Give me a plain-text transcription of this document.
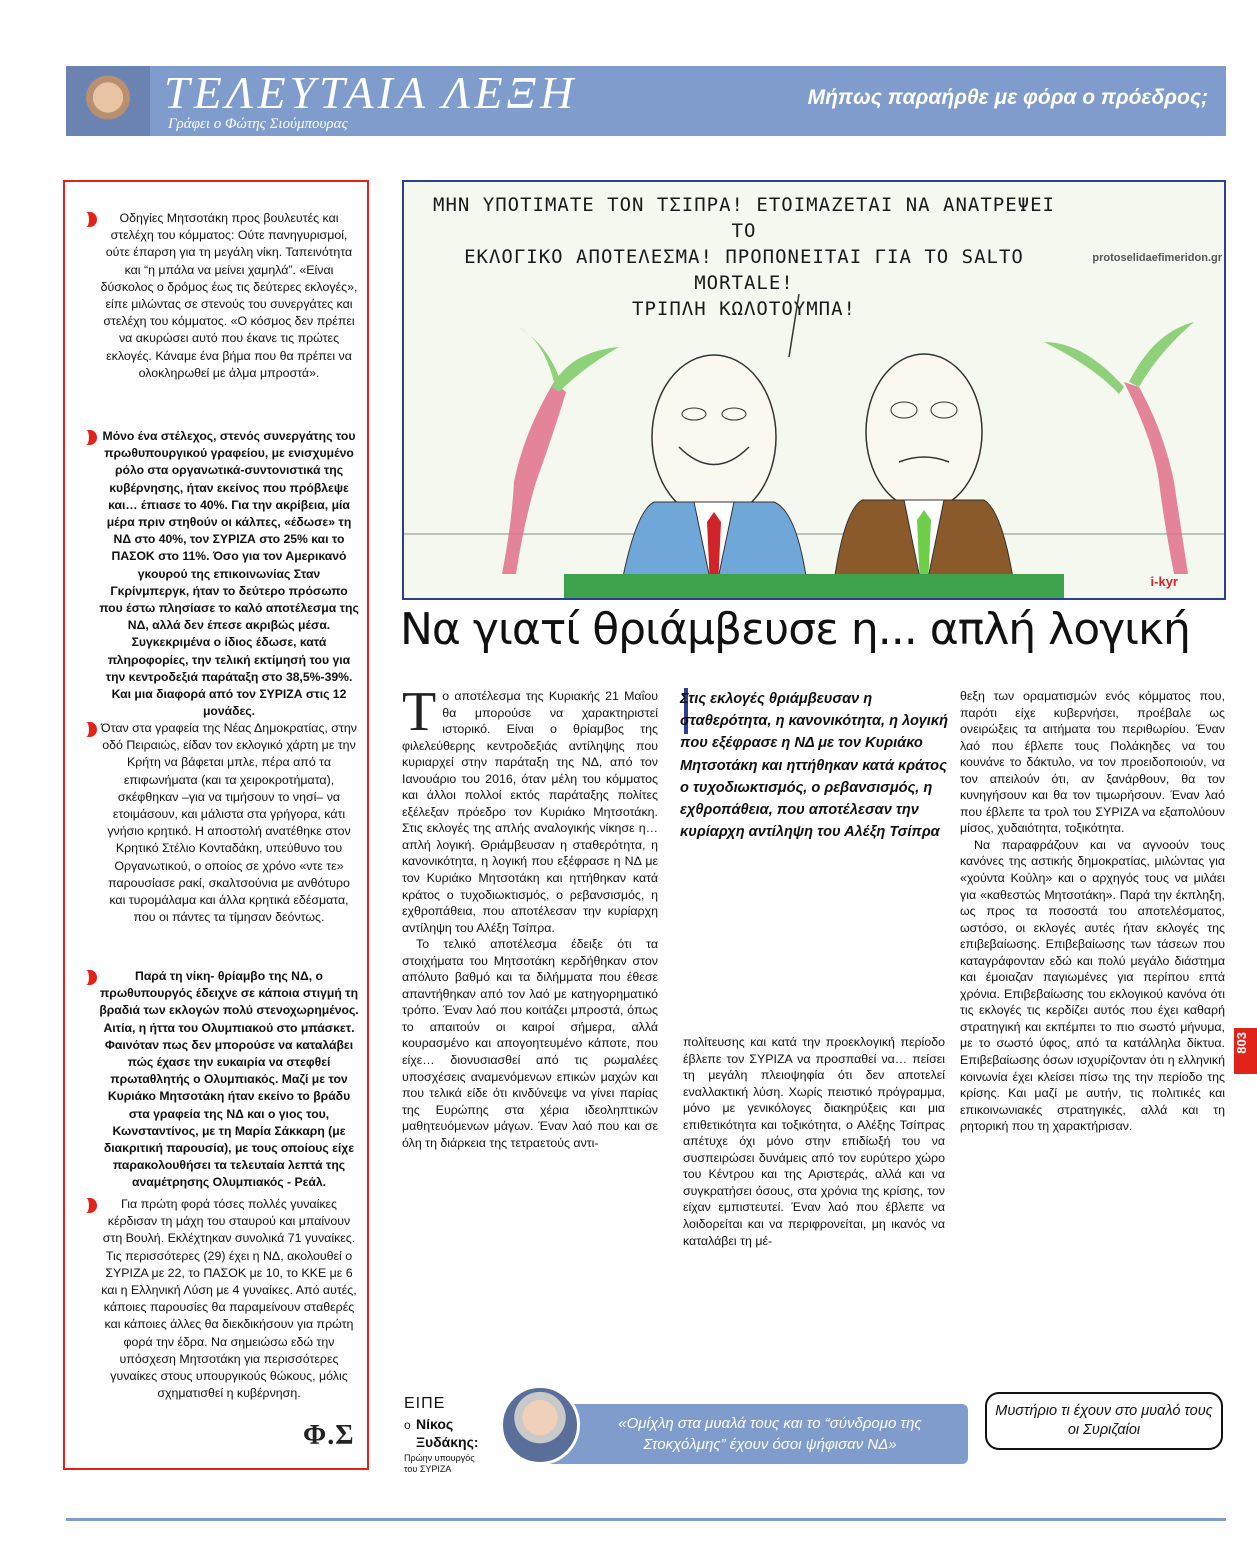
ΤΕΛΕΥΤΑΙΑ ΛΕΞΗ
Γράφει ο Φώτης Σιούμπουρας
Μήπως παραήρθε με φόρα ο πρόεδρος;
Οδηγίες Μητσοτάκη προς βουλευτές και στελέχη του κόμματος: Ούτε πανηγυρισμοί, ούτε έπαρση για τη μεγάλη νίκη. Ταπεινότητα και “η μπάλα να μείνει χαμηλά”. «Είναι δύσκολος ο δρόμος έως τις δεύτερες εκλογές», είπε μιλώντας σε στενούς του συνεργάτες και στελέχη του κόμματος. «Ο κόσμος δεν πρέπει να ακυρώσει αυτό που έκανε τις πρώτες εκλογές. Κάναμε ένα βήμα που θα πρέπει να ολοκληρωθεί με άλμα μπροστά».
Μόνο ένα στέλεχος, στενός συνεργάτης του πρωθυπουργικού γραφείου, με ενισχυμένο ρόλο στα οργανωτικά-συντονιστικά της κυβέρνησης, ήταν εκείνος που πρόβλεψε και… έπιασε το 40%. Για την ακρίβεια, μία μέρα πριν στηθούν οι κάλπες, «έδωσε» τη ΝΔ στο 40%, τον ΣΥΡΙΖΑ στο 25% και το ΠΑΣΟΚ στο 11%. Όσο για τον Αμερικανό γκουρού της επικοινωνίας Σταν Γκρίνμπεργκ, ήταν το δεύτερο πρόσωπο που έστω πλησίασε το καλό αποτέλεσμα της ΝΔ, αλλά δεν έπεσε ακριβώς μέσα. Συγκεκριμένα ο ίδιος έδωσε, κατά πληροφορίες, την τελική εκτίμησή του για την κεντροδεξιά παράταξη στο 38,5%-39%. Και μια διαφορά από τον ΣΥΡΙΖΑ στις 12 μονάδες.
Όταν στα γραφεία της Νέας Δημοκρατίας, στην οδό Πειραιώς, είδαν τον εκλογικό χάρτη με την Κρήτη να βάφεται μπλε, πέρα από τα επιφωνήματα (και τα χειροκροτήματα), σκέφθηκαν –για να τιμήσουν το νησί– να ετοιμάσουν, και μάλιστα στα γρήγορα, κάτι γνήσιο κρητικό. Η αποστολή ανατέθηκε στον Κρητικό Στέλιο Κονταδάκη, υπεύθυνο του Οργανωτικού, ο οποίος σε χρόνο «ντε τε» παρουσίασε ρακί, σκαλτσούνια με ανθότυρο και τυρομάλαμα και άλλα κρητικά εδέσματα, που οι πάντες τα τίμησαν δεόντως.
Παρά τη νίκη- θρίαμβο της ΝΔ, ο πρωθυπουργός έδειχνε σε κάποια στιγμή τη βραδιά των εκλογών πολύ στενοχωρημένος. Αιτία, η ήττα του Ολυμπιακού στο μπάσκετ. Φαινόταν πως δεν μπορούσε να καταλάβει πώς έχασε την ευκαιρία να στεφθεί πρωταθλητής ο Ολυμπιακός. Μαζί με τον Κυριάκο Μητσοτάκη ήταν εκείνο το βράδυ στα γραφεία της ΝΔ και ο γιος του, Κωνσταντίνος, με τη Μαρία Σάκκαρη (με διακριτική παρουσία), με τους οποίους είχε παρακολουθήσει τα τελευταία λεπτά της αναμέτρησης Ολυμπιακός - Ρεάλ.
Για πρώτη φορά τόσες πολλές γυναίκες κέρδισαν τη μάχη του σταυρού και μπαίνουν στη Βουλή. Εκλέχτηκαν συνολικά 71 γυναίκες. Τις περισσότερες (29) έχει η ΝΔ, ακολουθεί ο ΣΥΡΙΖΑ με 22, το ΠΑΣΟΚ με 10, το ΚΚΕ με 6 και η Ελληνική Λύση με 4 γυναίκες. Από αυτές, κάποιες παρουσίες θα παραμείνουν σταθερές και κάποιες άλλες θα διεκδικήσουν για πρώτη φορά την έδρα. Να σημειώσω εδώ την υπόσχεση Μητσοτάκη για περισσότερες γυναίκες στους υπουργικούς θώκους, μόλις σχηματισθεί η κυβέρνηση.
Φ.Σ
ΜΗΝ ΥΠΟΤΙΜΑΤΕ ΤΟΝ ΤΣΙΠΡΑ! ΕΤΟΙΜΑΖΕΤΑΙ ΝΑ ΑΝΑΤΡΕΨΕΙ ΤΟ
ΕΚΛΟΓΙΚΟ ΑΠΟΤΕΛΕΣΜΑ! ΠΡΟΠΟΝΕΙΤΑΙ ΓΙΑ ΤΟ SALTO MORTALE!
ΤΡΙΠΛΗ ΚΩΛΟΤΟΥΜΠΑ!
protoselidaefimeridon.gr
i-kyr
Να γιατί θριάμβευσε η... απλή λογική

Το αποτέλεσμα της Κυριακής 21 Μαΐου θα μπορούσε να χαρακτηριστεί ιστορικό. Είναι ο θρίαμβος της φιλελεύθερης κεντροδεξιάς αντίληψης που κυριαρχεί στην παράταξη της ΝΔ, από τον Ιανουάριο του 2016, όταν μέλη του κόμματος και άλλοι πολλοί εκτός παράταξης πολίτες εξέλεξαν πρόεδρο τον Κυριάκο Μητσοτάκη. Στις εκλογές της απλής αναλογικής νίκησε η… απλή λογική. Θριάμβευσαν η σταθερότητα, η κανονικότητα, η λογική που εξέφρασε η ΝΔ με τον Κυριάκο Μητσοτάκη και ηττήθηκαν κατά κράτος ο τυχοδιωκτισμός, ο ρεβανσισμός, η εχθροπάθεια, που αποτέλεσαν την κυρίαρχη αντίληψη του Αλέξη Τσίπρα.

Το τελικό αποτέλεσμα έδειξε ότι τα στοιχήματα του Μητσοτάκη κερδήθηκαν στον απόλυτο βαθμό και τα διλήμματα που έθεσε απαντήθηκαν από τον λαό με κατηγορηματικό τρόπο. Έναν λαό που κοιτάζει μπροστά, όπως το απαιτούν οι καιροί σήμερα, αλλά κουρασμένο και απογοητευμένο κάποτε, που είχε… διονυσιασθεί από τις ρωμαλέες υποσχέσεις αναμενόμενων επικών μαχών και που τελικά είδε ότι κινδύνεψε να γίνει παρίας της Ευρώπης στα χέρια ιδεοληπτικών μαθητευόμενων μάγων. Έναν λαό που και σε όλη τη διάρκεια της τετραετούς αντι-

Στις εκλογές θριάμβευσαν η σταθερότητα, η κανονικότητα, η λογική που εξέφρασε η ΝΔ με τον Κυριάκο Μητσοτάκη και ηττήθηκαν κατά κράτος ο τυχοδιωκτισμός, ο ρεβανσισμός, η εχθροπάθεια, που αποτέλεσαν την κυρίαρχη αντίληψη του Αλέξη Τσίπρα

πολίτευσης και κατά την προεκλογική περίοδο έβλεπε τον ΣΥΡΙΖΑ να προσπαθεί να… πείσει τη μεγάλη πλειοψηφία ότι δεν αποτελεί εναλλακτική λύση. Χωρίς πειστικό πρόγραμμα, μόνο με γενικόλογες διακηρύξεις και μια επιθετικότητα και τοξικότητα, ο Αλέξης Τσίπρας απέτυχε όχι μόνο στην επιδίωξή του να συσπειρώσει δυνάμεις από τον ευρύτερο χώρο του Κέντρου και της Αριστεράς, αλλά και να συγκρατήσει όσους, στα χρόνια της κρίσης, τον είχαν εμπιστευτεί. Έναν λαό που έβλεπε να λοιδορείται και να περιφρονείται, μη ικανός να καταλάβει τη μέ-

θεξη των οραματισμών ενός κόμματος που, παρότι είχε κυβερνήσει, προέβαλε ως ονειρώξεις τα αιτήματα του περιθωρίου. Έναν λαό που έβλεπε τους Πολάκηδες να του κουνάνε το δάκτυλο, να τον προειδοποιούν, να τον απειλούν ότι, αν ξανάρθουν, θα τον κυνηγήσουν και θα τον τιμωρήσουν. Έναν λαό που έβλεπε τα τρολ του ΣΥΡΙΖΑ να εξαπολύουν μίσος, χυδαιότητα, τοξικότητα.

Να παραφράζουν και να αγνοούν τους κανόνες της αστικής δημοκρατίας, μιλώντας για «χούντα Κούλη» και ο αρχηγός τους να μιλάει για «καθεστώς Μητσοτάκη». Παρά την έκπληξη, ως προς τα ποσοστά του αποτελέσματος, ωστόσο, οι εκλογές αυτές ήταν εκλογές της επιβεβαίωσης. Επιβεβαίωσης των τάσεων που καταγράφονταν εδώ και πολύ μεγάλο διάστημα και έμοιαζαν παγιωμένες για περίπου επτά χρόνια. Επιβεβαίωσης του εκλογικού κανόνα ότι τις εκλογές τις κερδίζει αυτός που έχει καθαρή στρατηγική και εκπέμπει το πιο σωστό μήνυμα, με το σωστό ύφος, από τα κατάλληλα δίκτυα. Επιβεβαίωσης όσων ισχυρίζονταν ότι η ελληνική κοινωνία έχει κλείσει πίσω της την περίοδο της κρίσης. Και μαζί με αυτήν, τις πολιτικές και επικοινωνιακές στρατηγικές, αλλά και τη ρητορική που τη χαρακτήρισαν.

803
ΕΙΠΕ
ο Νίκος Ξυδάκης:
Πρώην υπουργός του ΣΥΡΙΖΑ
«Ομίχλη στα μυαλά τους και το “σύνδρομο της Στοκχόλμης” έχουν όσοι ψήφισαν ΝΔ»
Μυστήριο τι έχουν στο μυαλό τους οι Συριζαίοι
